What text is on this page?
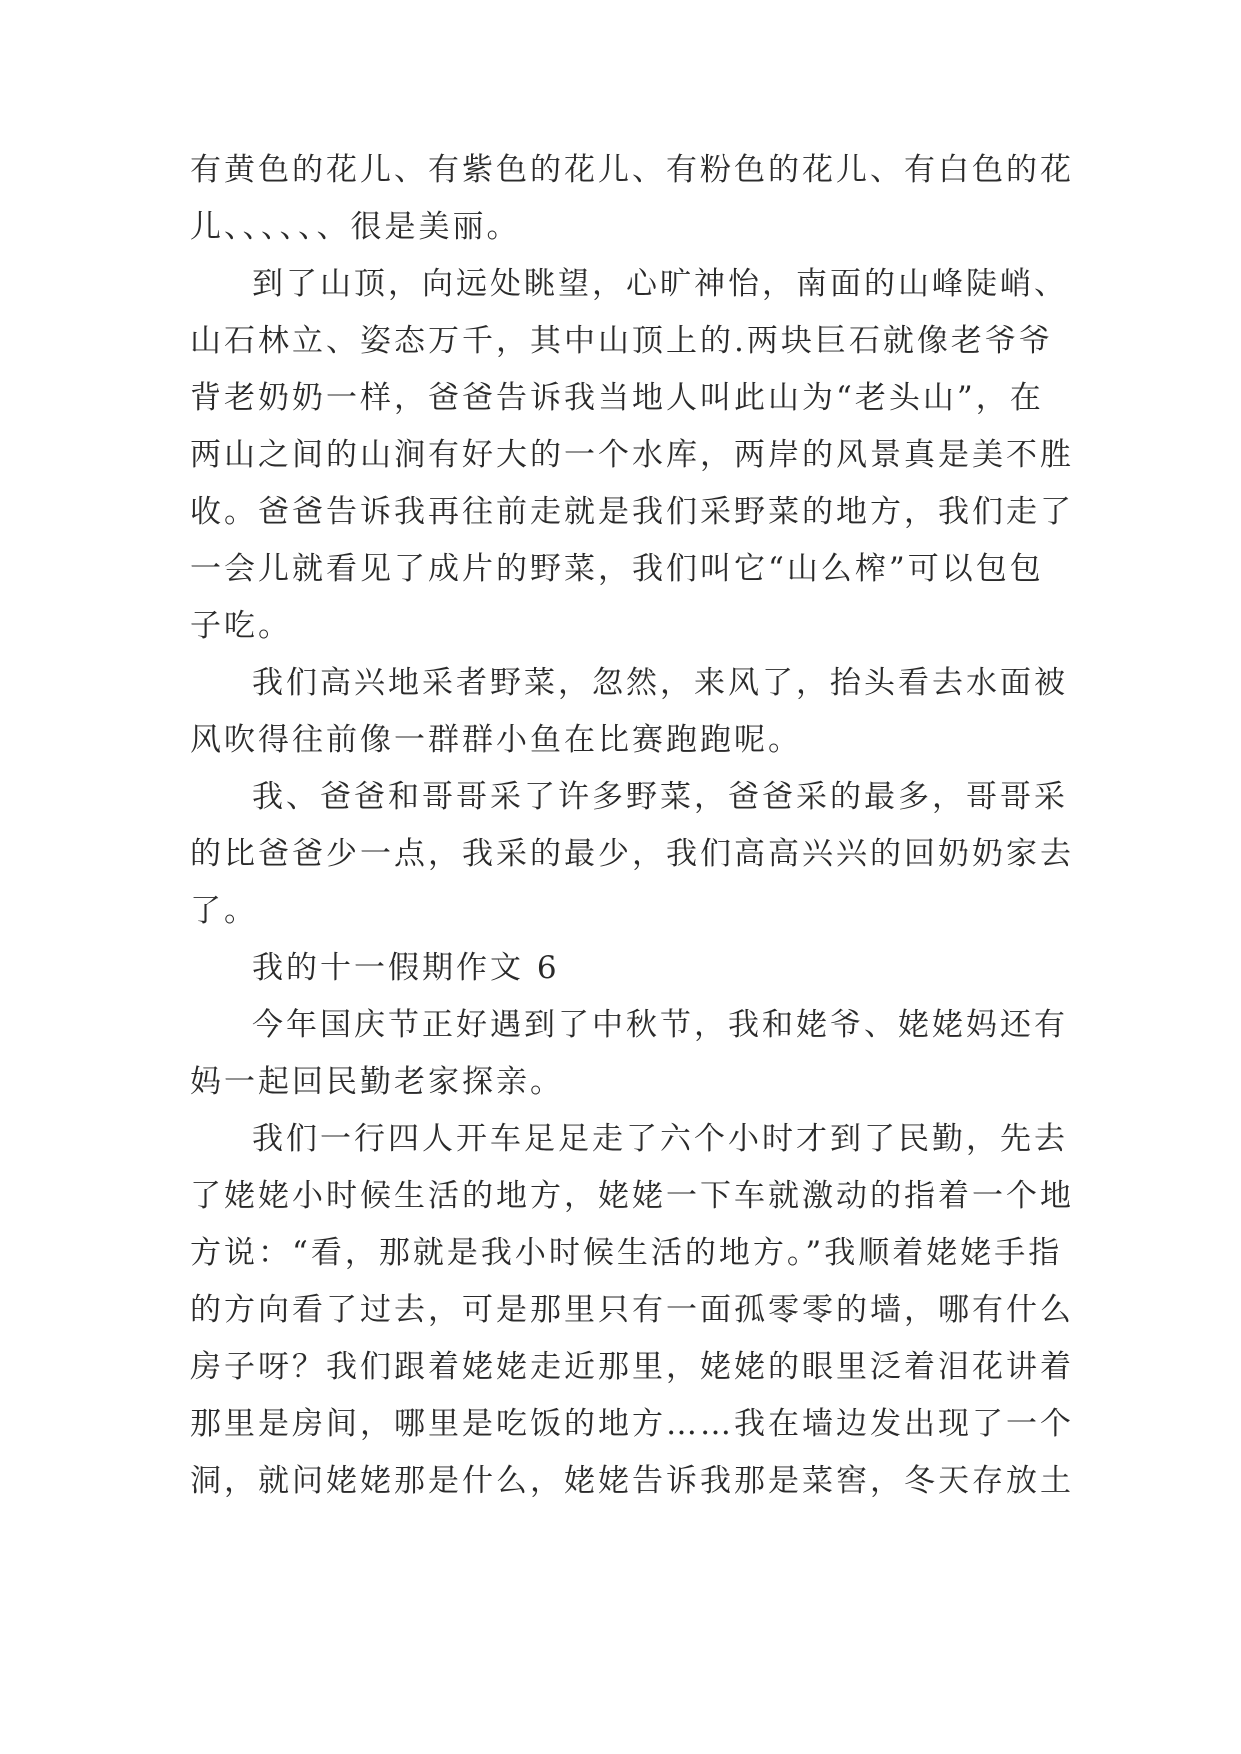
有黄色的花儿、有紫色的花儿、有粉色的花儿、有白色的花
儿、、、、、、很是美丽。
到了山顶，向远处眺望，心旷神怡，南面的山峰陡峭、
山石林立、姿态万千，其中山顶上的.两块巨石就像老爷爷
背老奶奶一样，爸爸告诉我当地人叫此山为“老头山”，在
两山之间的山涧有好大的一个水库，两岸的风景真是美不胜
收。爸爸告诉我再往前走就是我们采野菜的地方，我们走了
一会儿就看见了成片的野菜，我们叫它“山么榨”可以包包
子吃。
我们高兴地采者野菜，忽然，来风了，抬头看去水面被
风吹得往前像一群群小鱼在比赛跑跑呢。
我、爸爸和哥哥采了许多野菜，爸爸采的最多，哥哥采
的比爸爸少一点，我采的最少，我们高高兴兴的回奶奶家去
了。
我的十一假期作文 6
今年国庆节正好遇到了中秋节，我和姥爷、姥姥妈还有
妈一起回民勤老家探亲。
我们一行四人开车足足走了六个小时才到了民勤，先去
了姥姥小时候生活的地方，姥姥一下车就激动的指着一个地
方说：“看，那就是我小时候生活的地方。”我顺着姥姥手指
的方向看了过去，可是那里只有一面孤零零的墙，哪有什么
房子呀？我们跟着姥姥走近那里，姥姥的眼里泛着泪花讲着
那里是房间，哪里是吃饭的地方……我在墙边发出现了一个
洞，就问姥姥那是什么，姥姥告诉我那是菜窖，冬天存放土
